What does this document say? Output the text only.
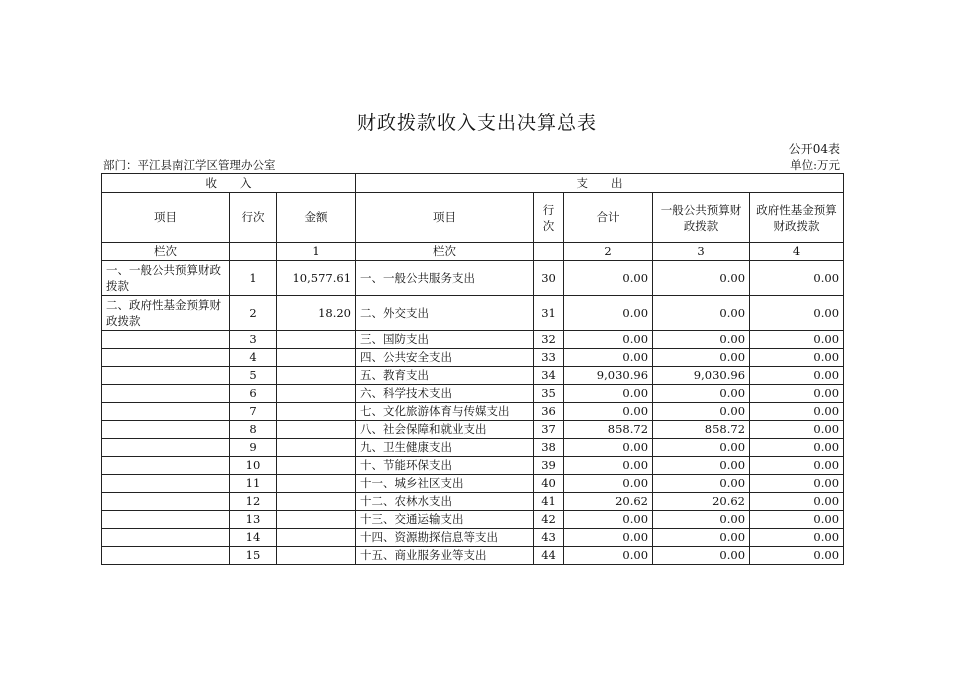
财政拨款收入支出决算总表
公开04表
部门：平江县南江学区管理办公室	单位:万元
收　　入			支　　出				
项目	行次	金额	项目	行次	合计	一般公共预算财政拨款	政府性基金预算财政拨款
栏次		1	栏次		2	3	4
一、一般公共预算财政拨款	1	10,577.61	一、一般公共服务支出	30	0.00	0.00	0.00
二、政府性基金预算财政拨款	2	18.20	二、外交支出	31	0.00	0.00	0.00
	3		三、国防支出	32	0.00	0.00	0.00
	4		四、公共安全支出	33	0.00	0.00	0.00
	5		五、教育支出	34	9,030.96	9,030.96	0.00
	6		六、科学技术支出	35	0.00	0.00	0.00
	7		七、文化旅游体育与传媒支出	36	0.00	0.00	0.00
	8		八、社会保障和就业支出	37	858.72	858.72	0.00
	9		九、卫生健康支出	38	0.00	0.00	0.00
	10		十、节能环保支出	39	0.00	0.00	0.00
	11		十一、城乡社区支出	40	0.00	0.00	0.00
	12		十二、农林水支出	41	20.62	20.62	0.00
	13		十三、交通运输支出	42	0.00	0.00	0.00
	14		十四、资源勘探信息等支出	43	0.00	0.00	0.00
	15		十五、商业服务业等支出	44	0.00	0.00	0.00
